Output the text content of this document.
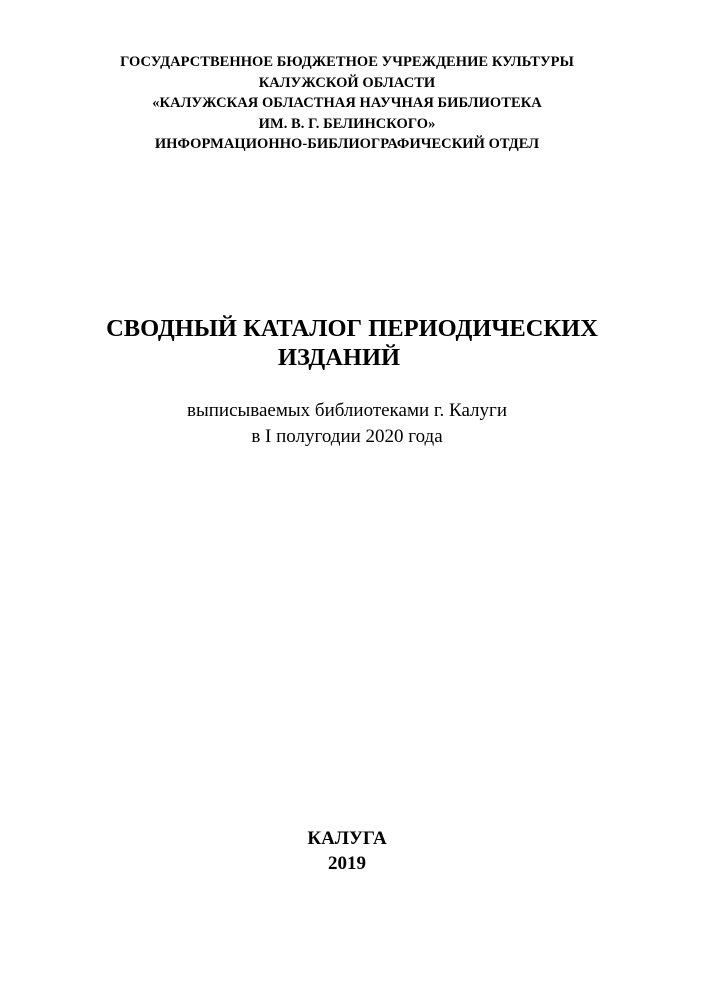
ГОСУДАРСТВЕННОЕ БЮДЖЕТНОЕ УЧРЕЖДЕНИЕ КУЛЬТУРЫ
КАЛУЖСКОЙ ОБЛАСТИ
«КАЛУЖСКАЯ ОБЛАСТНАЯ НАУЧНАЯ БИБЛИОТЕКА
ИМ. В. Г. БЕЛИНСКОГО»
ИНФОРМАЦИОННО-БИБЛИОГРАФИЧЕСКИЙ ОТДЕЛ
СВОДНЫЙ КАТАЛОГ ПЕРИОДИЧЕСКИХ
ИЗДАНИЙ
выписываемых библиотеками г. Калуги
в I полугодии 2020 года
КАЛУГА
2019
